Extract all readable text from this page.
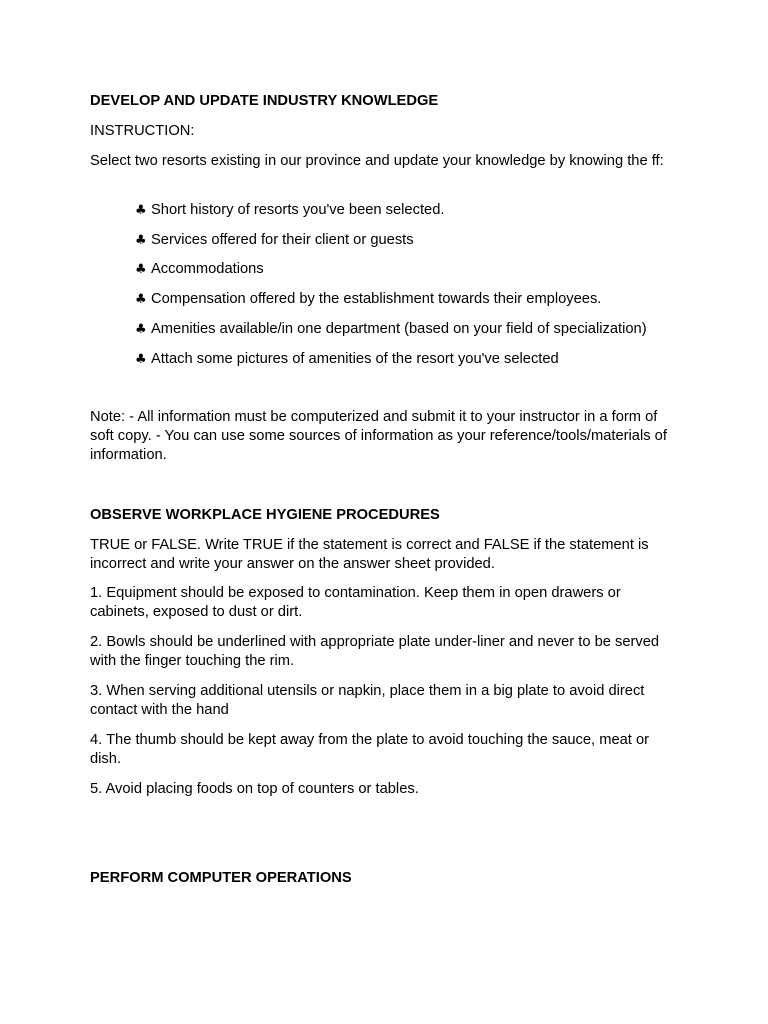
DEVELOP AND UPDATE INDUSTRY KNOWLEDGE

INSTRUCTION:

Select two resorts existing in our province and update your knowledge by knowing the ff:

♣ Short history of resorts you've been selected.

♣ Services offered for their client or guests

♣ Accommodations

♣ Compensation offered by the establishment towards their employees.

♣ Amenities available/in one department (based on your field of specialization)

♣ Attach some pictures of amenities of the resort you've selected

Note: - All information must be computerized and submit it to your instructor in a form of soft copy. - You can use some sources of information as your reference/tools/materials of information.

OBSERVE WORKPLACE HYGIENE PROCEDURES

TRUE or FALSE. Write TRUE if the statement is correct and FALSE if the statement is incorrect and write your answer on the answer sheet provided.

1. Equipment should be exposed to contamination. Keep them in open drawers or cabinets, exposed to dust or dirt.

2. Bowls should be underlined with appropriate plate under-liner and never to be served with the finger touching the rim.

3. When serving additional utensils or napkin, place them in a big plate to avoid direct contact with the hand

4. The thumb should be kept away from the plate to avoid touching the sauce, meat or dish.

5. Avoid placing foods on top of counters or tables.

PERFORM COMPUTER OPERATIONS
